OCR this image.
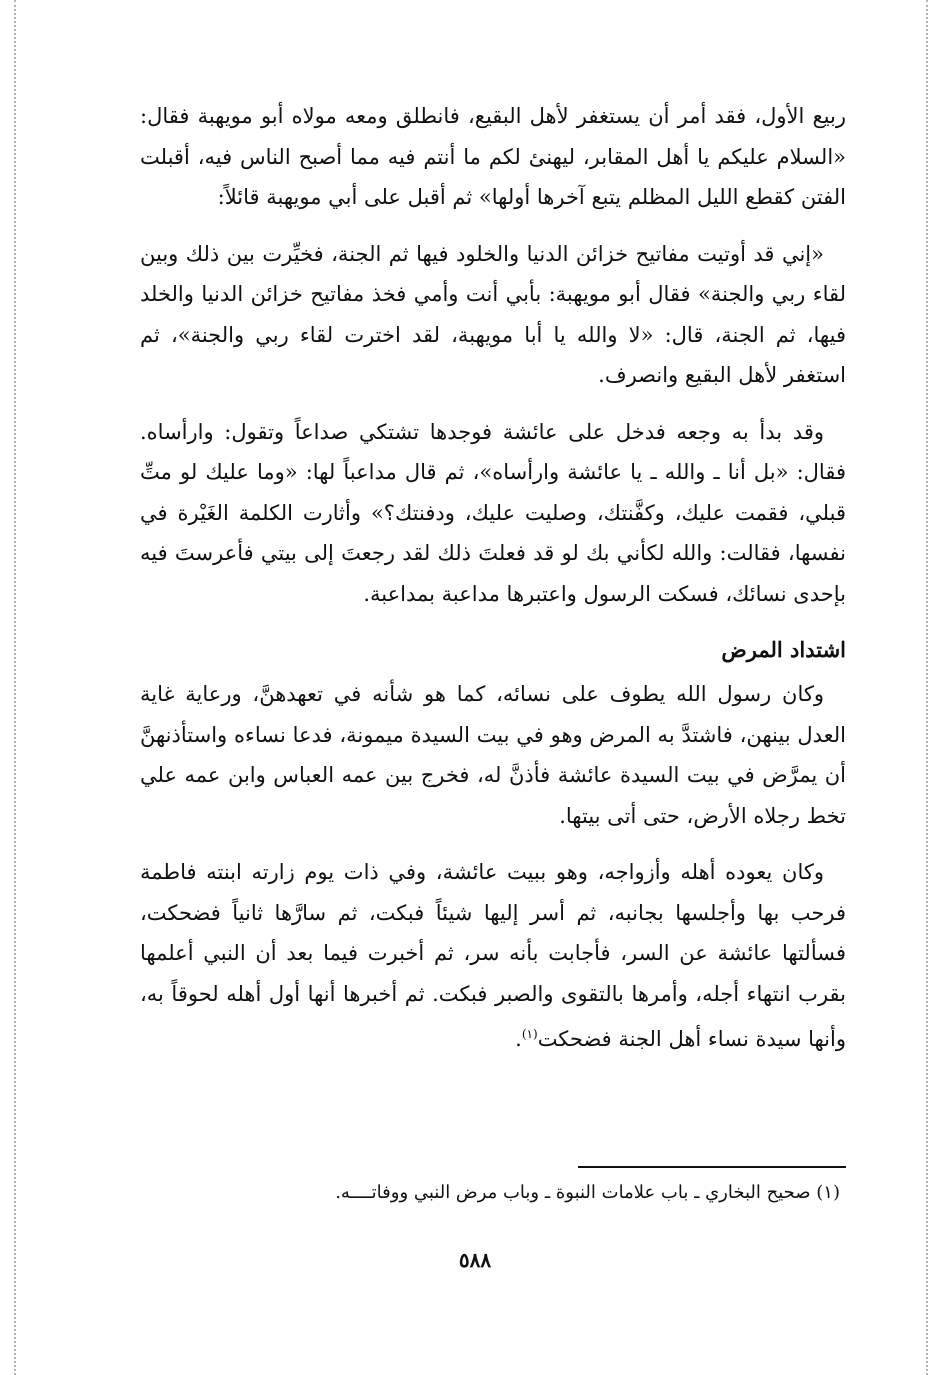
ربيع الأول، فقد أمر أن يستغفر لأهل البقيع، فانطلق ومعه مولاه أبو مويهبة فقال: «السلام عليكم يا أهل المقابر، ليهنئ لكم ما أنتم فيه مما أصبح الناس فيه، أقبلت الفتن كقطع الليل المظلم يتبع آخرها أولها» ثم أقبل على أبي مويهبة قائلاً:

«إني قد أوتيت مفاتيح خزائن الدنيا والخلود فيها ثم الجنة، فخيِّرت بين ذلك وبين لقاء ربي والجنة» فقال أبو مويهبة: بأبي أنت وأمي فخذ مفاتيح خزائن الدنيا والخلد فيها، ثم الجنة، قال: «لا والله يا أبا مويهبة، لقد اخترت لقاء ربي والجنة»، ثم استغفر لأهل البقيع وانصرف.

وقد بدأ به وجعه فدخل على عائشة فوجدها تشتكي صداعاً وتقول: وارأساه. فقال: «بل أنا ـ والله ـ يا عائشة وارأساه»، ثم قال مداعباً لها: «وما عليك لو متِّ قبلي، فقمت عليك، وكفَّنتك، وصليت عليك، ودفنتك؟» وأثارت الكلمة الغَيْرة في نفسها، فقالت: والله لكأني بك لو قد فعلتَ ذلك لقد رجعتَ إلى بيتي فأعرستَ فيه بإحدى نسائك، فسكت الرسول واعتبرها مداعبة بمداعبة.

اشتداد المرض

وكان رسول الله يطوف على نسائه، كما هو شأنه في تعهدهنَّ، ورعاية غاية العدل بينهن، فاشتدَّ به المرض وهو في بيت السيدة ميمونة، فدعا نساءه واستأذنهنَّ أن يمرَّض في بيت السيدة عائشة فأذنَّ له، فخرج بين عمه العباس وابن عمه علي تخط رجلاه الأرض، حتى أتى بيتها.

وكان يعوده أهله وأزواجه، وهو ببيت عائشة، وفي ذات يوم زارته ابنته فاطمة فرحب بها وأجلسها بجانبه، ثم أسر إليها شيئاً فبكت، ثم سارَّها ثانياً فضحكت، فسألتها عائشة عن السر، فأجابت بأنه سر، ثم أخبرت فيما بعد أن النبي أعلمها بقرب انتهاء أجله، وأمرها بالتقوى والصبر فبكت. ثم أخبرها أنها أول أهله لحوقاً به، وأنها سيدة نساء أهل الجنة فضحكت$^{(١)}$.

(١) صحيح البخاري ـ باب علامات النبوة ـ وباب مرض النبي ووفاتــــه.
٥٨٨
